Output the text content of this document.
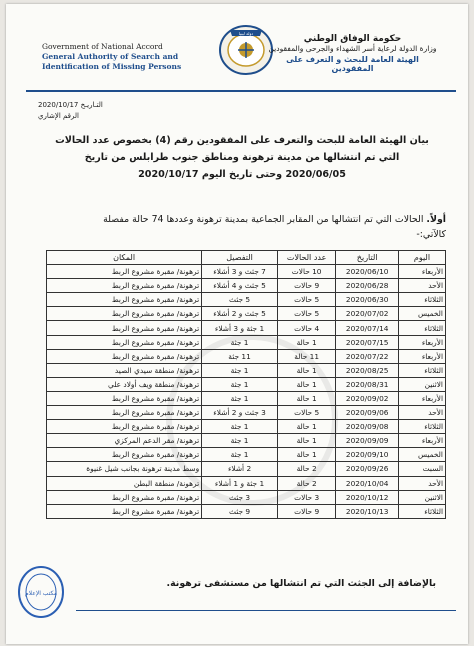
Government of National Accord
General Authority of Search and
Identification of Missing Persons
دولة ليبيا
حكومة الوفاق الوطني
وزارة الدولة لرعاية أسر الشهداء والجرحى والمفقودين
الهيئة العامة للبحث و التعرف على المفقودين
2020/10/17 التـاريـخ
الرقم الإشاري
بيان الهيئة العامة للبحث والتعرف على المفقودين رقم (4) بخصوص عدد الحالات
التي تم انتشالها من مدينة ترهونة ومناطق جنوب طرابلس من تاريخ
2020/06/05 وحتى تاريخ اليوم 2020/10/17
أولاً. الحالات التي تم انتشالها من المقابر الجماعية بمدينة ترهونة وعددها 74 حالة مفصلة
كالآتي:-
اليوم	التاريخ	عدد الحالات	التفصيل	المكان
الأربعاء	2020/06/10	10 حالات	7 جثث و 3 أشلاء	ترهونة/ مقبرة مشروع الربط
الأحد	2020/06/28	9 حالات	5 جثث و 4 أشلاء	ترهونة/ مقبرة مشروع الربط
الثلاثاء	2020/06/30	5 حالات	5 جثث	ترهونة/ مقبرة مشروع الربط
الخميس	2020/07/02	5 حالات	5 جثث و 2 أشلاء	ترهونة/ مقبرة مشروع الربط
الثلاثاء	2020/07/14	4 حالات	1 جثة و 3 أشلاء	ترهونة/ مقبرة مشروع الربط
الأربعاء	2020/07/15	1 حالة	1 جثة	ترهونة/ مقبرة مشروع الربط
الأربعاء	2020/07/22	11 حالة	11 جثة	ترهونة/ مقبرة مشروع الربط
الثلاثاء	2020/08/25	1 حالة	1 جثة	ترهونة/ منطقة سيدي الصيد
الاثنين	2020/08/31	1 حالة	1 جثة	ترهونة/ منطقة ويف أولاد علي
الأربعاء	2020/09/02	1 حالة	1 جثة	ترهونة/ مقبرة مشروع الربط
الأحد	2020/09/06	5 حالات	3 جثث و 2 أشلاء	ترهونة/ مقبرة مشروع الربط
الثلاثاء	2020/09/08	1 حالة	1 جثة	ترهونة/ مقبرة مشروع الربط
الأربعاء	2020/09/09	1 حالة	1 جثة	ترهونة/ مقر الدعم المركزي
الخميس	2020/09/10	1 حالة	1 جثة	ترهونة/ مقبرة مشروع الربط
السبت	2020/09/26	2 حالة	2 أشلاء	وسط مدينة ترهونة بجانب شيل غنيوة
الأحد	2020/10/04	2 حالة	1 جثة و 1 أشلاء	ترهونة/ منطقة البطن
الاثنين	2020/10/12	3 حالات	3 جثث	ترهونة/ مقبرة مشروع الربط
الثلاثاء	2020/10/13	9 حالات	9 جثث	ترهونة/ مقبرة مشروع الربط
بالإضافة إلى الجثث التي تم انتشالها من مستشفى ترهونة.
مكتب الإعلام
